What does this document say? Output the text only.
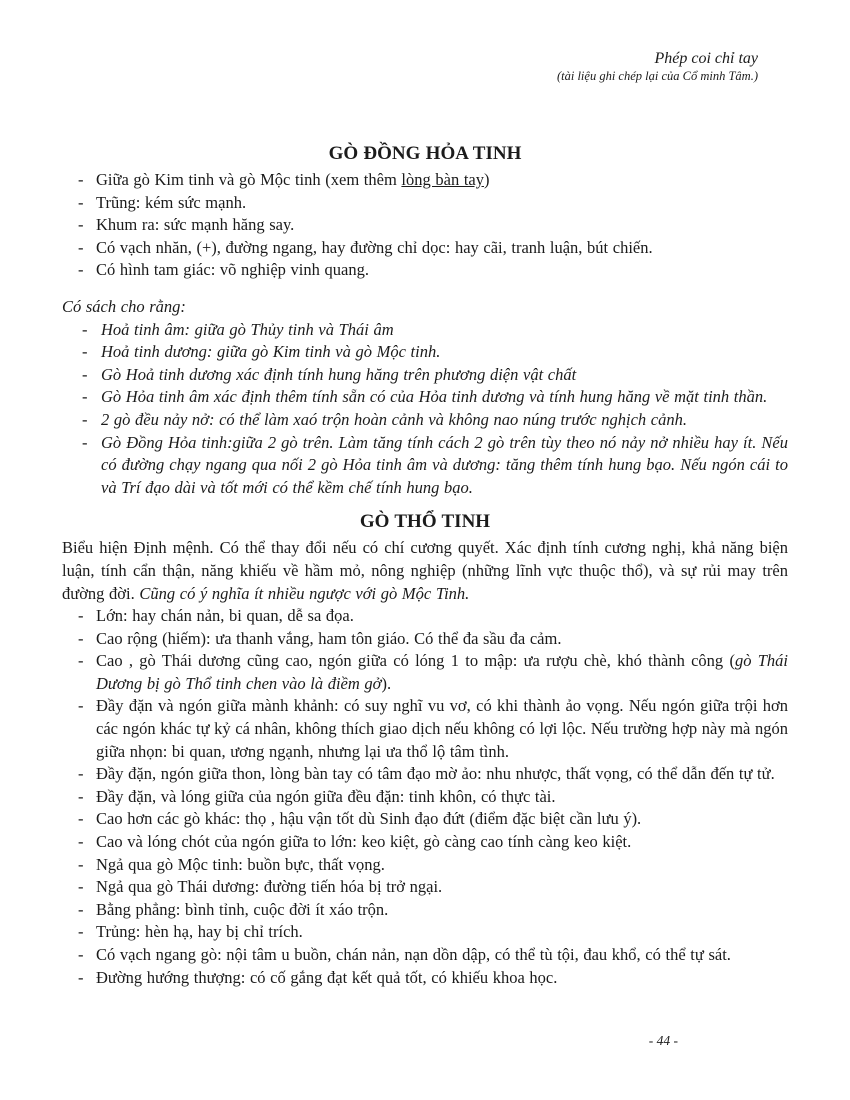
Phép coi chỉ tay
(tài liệu ghi chép lại của Cổ minh Tâm.)
GÒ ĐỒNG HỎA TINH
- Giữa gò Kim tinh và gò Mộc tinh (xem thêm lòng bàn tay)
- Trũng: kém sức mạnh.
- Khum ra: sức mạnh hăng say.
- Có vạch nhăn, (+), đường ngang, hay đường chỉ dọc: hay cãi, tranh luận, bút chiến.
- Có hình tam giác: võ nghiệp vinh quang.

Có sách cho rằng:

- Hoả tinh âm: giữa gò Thủy tinh và Thái âm
- Hoả tinh dương: giữa gò Kim tinh và gò Mộc tinh.
- Gò Hoả tinh dương xác định tính hung hăng trên phương diện vật chất
- Gò Hỏa tinh âm xác định thêm tính sẵn có của Hỏa tinh dương và tính hung hăng về mặt tinh thần.
- 2 gò đều nảy nở: có thể làm xaó trộn hoàn cảnh và không nao núng trước nghịch cảnh.
- Gò Đồng Hỏa tinh:giữa 2 gò trên. Làm tăng tính cách 2 gò trên tùy theo nó nảy nở nhiều hay ít. Nếu có đường chạy ngang qua nối 2 gò Hỏa tinh âm và dương: tăng thêm tính hung bạo. Nếu ngón cái to và Trí đạo dài và tốt mới có thể kềm chế tính hung bạo.
GÒ THỔ TINH

Biểu hiện Định mệnh. Có thể thay đổi nếu có chí cương quyết. Xác định tính cương nghị, khả năng biện luận, tính cẩn thận, năng khiếu về hầm mỏ, nông nghiệp (những lĩnh vực thuộc thổ), và sự rủi may trên đường đời. Cũng có ý nghĩa ít nhiều ngược với gò Mộc Tinh.

- Lớn: hay chán nản, bi quan, dễ sa đọa.
- Cao rộng (hiếm): ưa thanh vắng, ham tôn giáo. Có thể đa sầu đa cảm.
- Cao , gò Thái dương cũng cao, ngón giữa có lóng 1 to mập: ưa rượu chè, khó thành công (gò Thái Dương bị gò Thổ tinh chen vào là điềm gở).
- Đầy đặn và ngón giữa mành khảnh: có suy nghĩ vu vơ, có khi thành ảo vọng. Nếu ngón giữa trội hơn các ngón khác tự kỷ cá nhân, không thích giao dịch nếu không có lợi lộc. Nếu trường hợp này mà ngón giữa nhọn: bi quan, ương ngạnh, nhưng lại ưa thổ lộ tâm tình.
- Đầy đặn, ngón giữa thon, lòng bàn tay có tâm đạo mờ ảo: nhu nhược, thất vọng, có thể dẫn đến tự tử.
- Đầy đặn, và lóng giữa của ngón giữa đều đặn: tinh khôn, có thực tài.
- Cao hơn các gò khác: thọ , hậu vận tốt dù Sinh đạo đứt (điểm đặc biệt cần lưu ý).
- Cao và lóng chót của ngón giữa to lớn: keo kiệt, gò càng cao tính càng keo kiệt.
- Ngả qua gò Mộc tinh: buồn bực, thất vọng.
- Ngả qua gò Thái dương: đường tiến hóa bị trở ngại.
- Bằng phẳng: bình tỉnh, cuộc đời ít xáo trộn.
- Trủng: hèn hạ, hay bị chỉ trích.
- Có vạch ngang gò: nội tâm u buồn, chán nản, nạn dồn dập, có thể tù tội, đau khổ, có thể tự sát.
- Đường hướng thượng: có cố gắng đạt kết quả tốt, có khiếu khoa học.
- 44 -
